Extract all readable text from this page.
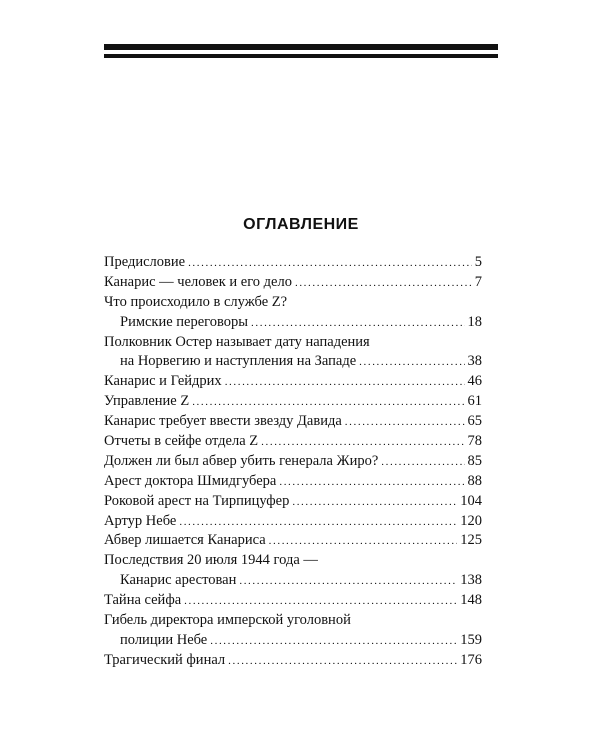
ОГЛАВЛЕНИЕ
Предисловие .....	5
Канарис — человек и его дело .....	7
Что происходило в службе Z?
Римские переговоры .....	18
Полковник Остер называет дату нападения
на Норвегию и наступления на Западе .....	38
Канарис и Гейдрих .....	46
Управление Z .....	61
Канарис требует ввести звезду Давида .....	65
Отчеты в сейфе отдела Z .....	78
Должен ли был абвер убить генерала Жиро? .....	85
Арест доктора Шмидгубера .....	88
Роковой арест на Тирпицуфер .....	104
Артур Небе .....	120
Абвер лишается Канариса .....	125
Последствия 20 июля 1944 года —
Канарис арестован .....	138
Тайна сейфа .....	148
Гибель директора имперской уголовной
полиции Небе .....	159
Трагический финал .....	176
